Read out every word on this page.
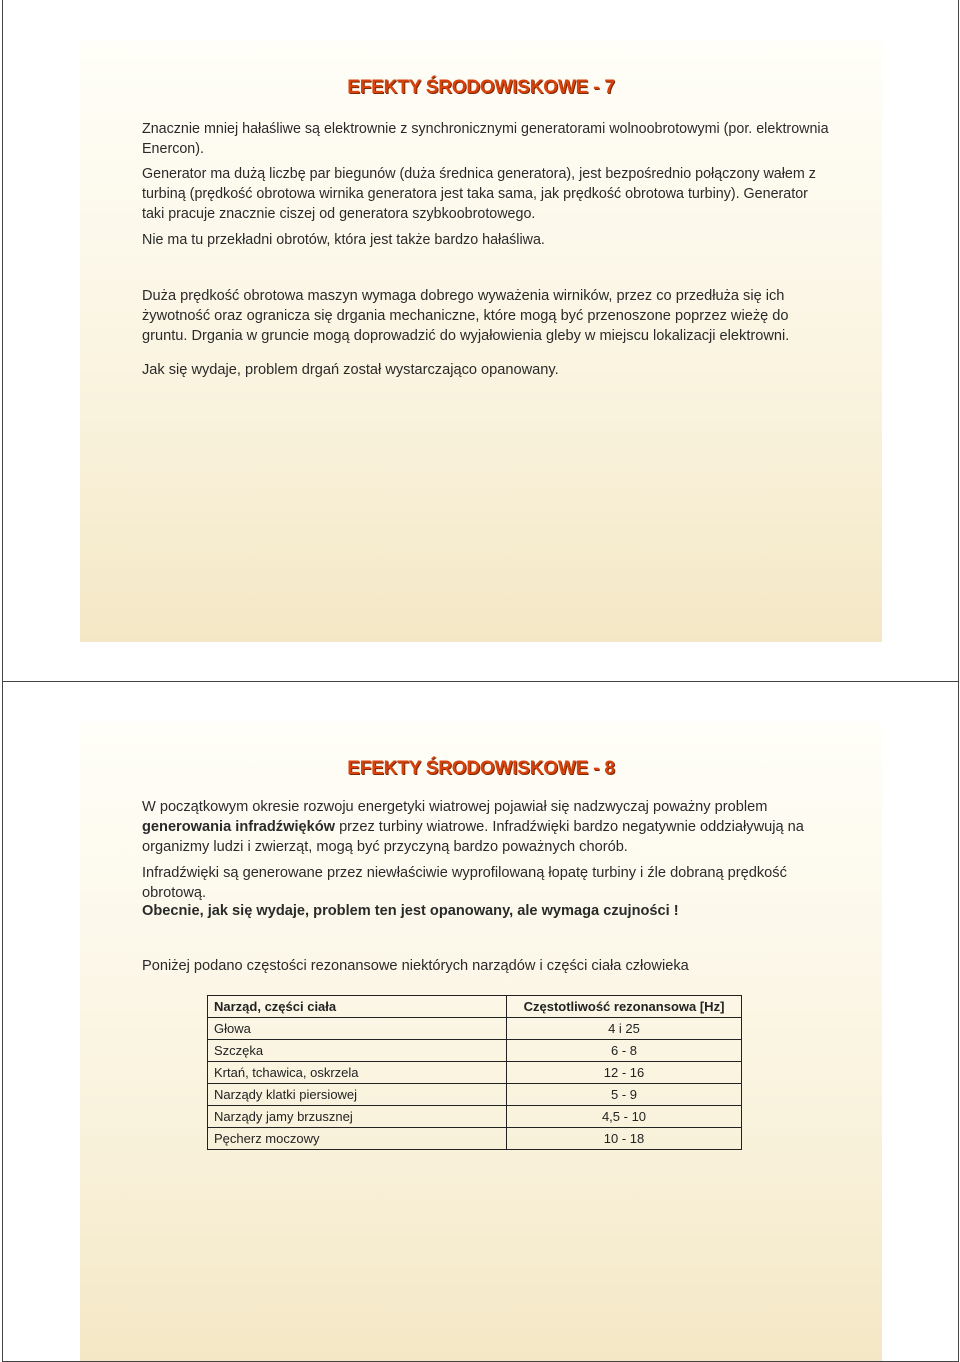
EFEKTY ŚRODOWISKOWE - 7

Znacznie mniej hałaśliwe są elektrownie z synchronicznymi generatorami wolnoobrotowymi (por. elektrownia Enercon).

Generator ma dużą liczbę par biegunów (duża średnica generatora), jest bezpośrednio połączony wałem z turbiną (prędkość obrotowa wirnika generatora jest taka sama, jak prędkość obrotowa turbiny). Generator taki pracuje znacznie ciszej od generatora szybkoobrotowego.

Nie ma tu przekładni obrotów, która jest także bardzo hałaśliwa.

Duża prędkość obrotowa maszyn wymaga dobrego wyważenia wirników, przez co przedłuża się ich żywotność oraz ogranicza się drgania mechaniczne, które mogą być przenoszone poprzez wieżę do gruntu. Drgania w gruncie mogą doprowadzić do wyjałowienia gleby w miejscu lokalizacji elektrowni.

Jak się wydaje, problem drgań został wystarczająco opanowany.

EFEKTY ŚRODOWISKOWE - 8

W początkowym okresie rozwoju energetyki wiatrowej pojawiał się nadzwyczaj poważny problem generowania infradźwięków przez turbiny wiatrowe. Infradźwięki bardzo negatywnie oddziaływują na organizmy ludzi i zwierząt, mogą być przyczyną bardzo poważnych chorób.

Infradźwięki są generowane przez niewłaściwie wyprofilowaną łopatę turbiny i źle dobraną prędkość obrotową.

Obecnie, jak się wydaje, problem ten jest opanowany, ale wymaga czujności !

Poniżej podano częstości rezonansowe niektórych narządów i części ciała człowieka

Narząd, części ciała	Częstotliwość rezonansowa [Hz]
Głowa	4 i 25
Szczęka	6 - 8
Krtań, tchawica, oskrzela	12 - 16
Narządy klatki piersiowej	5 - 9
Narządy jamy brzusznej	4,5 - 10
Pęcherz moczowy	10 - 18
